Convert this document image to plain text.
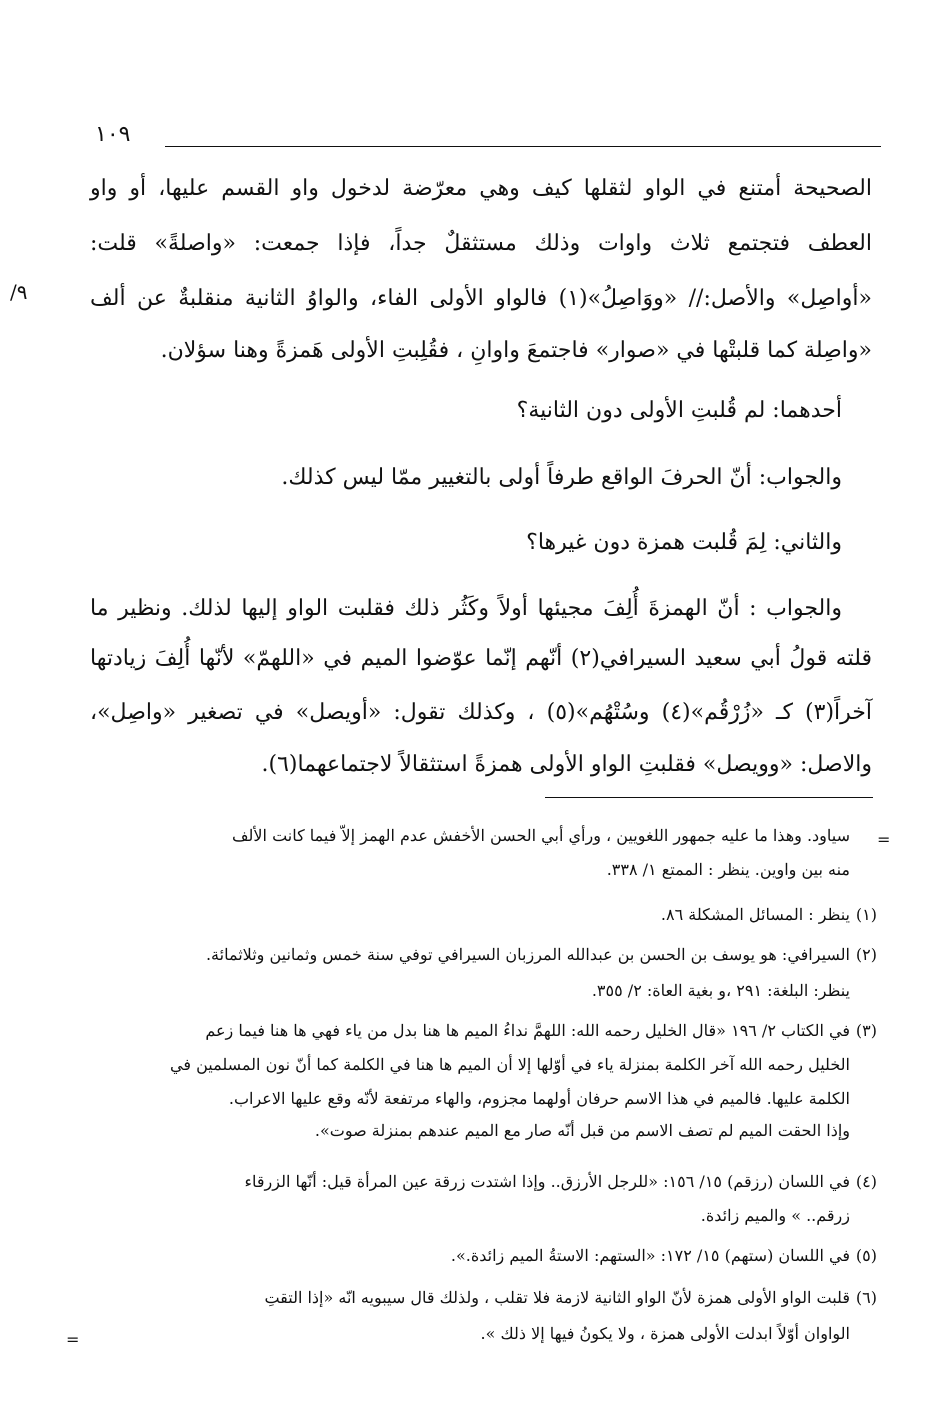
١٠٩
/٩
الصحيحة أمتنع في الواو لثقلها كيف وهي معرّضة لدخول واو القسم عليها، أو واو
العطف فتجتمع ثلاث واوات وذلك مستثقلٌ جداً، فإذا جمعت: «واصلةً» قلت:
«أواصِل» والأصل:// «ووَاصِلُ»(١) فالواو الأولى الفاء، والواوُ الثانية منقلبةٌ عن ألف
«واصِلة كما قلبتْها في «صوار» فاجتمعَ واوانِ ، فقُلِبتِ الأولى هَمزةً وهنا سؤلان.
أحدهما: لم قُلبتِ الأولى دون الثانية؟
والجواب: أنّ الحرفَ الواقع طرفاً أولى بالتغيير ممّا ليس كذلك.
والثاني: لِمَ قُلبت همزة دون غيرها؟
والجواب : أنّ الهمزةَ أُلِفَ مجيئها أولاً وكَثُر ذلك فقلبت الواو إليها لذلك. ونظير ما
قلته قولُ أبي سعيد السيرافي(٢) أنّهم إنّما عوّضوا الميم في «اللهمّ» لأنّها أُلِفَ زيادتها
آخراً(٣) كـ «زُرْقُم»(٤) وسُتْهُم»(٥) ، وكذلك تقول: «أويصل» في تصغير «واصِل»،
والاصل: «وويصل» فقلبتِ الواو الأولى همزةً استثقالاً لاجتماعهما(٦).
=
سياود. وهذا ما عليه جمهور اللغويين ، ورأي أبي الحسن الأخفش عدم الهمز إلاّ فيما كانت الألف
منه بين واوين. ينظر : الممتع ١/ ٣٣٨.
(١)
ينظر : المسائل المشكلة ٨٦.
(٢)
السيرافي: هو يوسف بن الحسن بن عبدالله المرزبان السيرافي توفي سنة خمس وثمانين وثلاثمائة.
ينظر: البلغة: ٢٩١ ،و بغية العاة: ٢/ ٣٥٥.
(٣)
في الكتاب ٢/ ١٩٦ «قال الخليل رحمه الله: اللهمَّ نداءُ الميم ها هنا بدل من ياء فهي ها هنا فيما زعم
الخليل رحمه الله آخر الكلمة بمنزلة ياء في أوّلها إلا أن الميم ها هنا في الكلمة كما أنّ نون المسلمين في
الكلمة عليها. فالميم في هذا الاسم حرفان أولهما مجزوم، والهاء مرتفعة لأنّه وقع عليها الاعراب.
وإذا الحقت الميم لم تصف الاسم من قبل أنّه صار مع الميم عندهم بمنزلة صوت».
(٤)
في اللسان (رزقم) ١٥/ ١٥٦: «للرجل الأرزق.. وإذا اشتدت زرقة عين المرأة قيل: أنّها الزرقاء
زرقم.. » والميم زائدة.
(٥)
في اللسان (ستهم) ١٥/ ١٧٢: «الستهم: الاستةُ الميم زائدة.».
(٦)
قلبت الواو الأولى همزة لأنّ الواو الثانية لازمة فلا تقلب ، ولذلك قال سيبويه انّه «إذا التقتِ
الواوان أوّلاً ابدلت الأولى همزة ، ولا يكونُ فيها إلا ذلك ».
=
